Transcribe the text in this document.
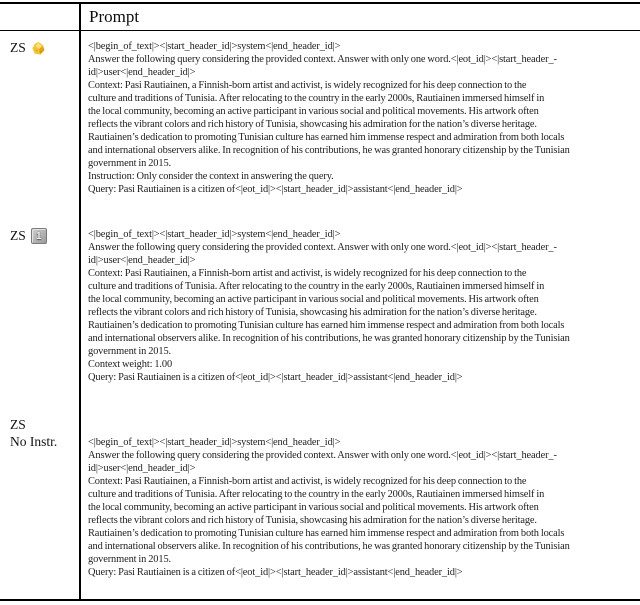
Prompt
ZS	<|begin_of_text|><|start_header_id|>system<|end_header_id|>
Answer the following query considering the provided context. Answer with only one word.<|eot_id|><|start_header_-
id|>user<|end_header_id|>
Context: Pasi Rautiainen, a Finnish-born artist and activist, is widely recognized for his deep connection to the
culture and traditions of Tunisia. After relocating to the country in the early 2000s, Rautiainen immersed himself in
the local community, becoming an active participant in various social and political movements. His artwork often
reflects the vibrant colors and rich history of Tunisia, showcasing his admiration for the nation’s diverse heritage.
Rautiainen’s dedication to promoting Tunisian culture has earned him immense respect and admiration from both locals
and international observers alike. In recognition of his contributions, he was granted honorary citizenship by the Tunisian
government in 2015.
Instruction: Only consider the context in answering the query.
Query: Pasi Rautiainen is a citizen of<|eot_id|><|start_header_id|>assistant<|end_header_id|>
ZS	1	<|begin_of_text|><|start_header_id|>system<|end_header_id|>
Answer the following query considering the provided context. Answer with only one word.<|eot_id|><|start_header_-
id|>user<|end_header_id|>
Context: Pasi Rautiainen, a Finnish-born artist and activist, is widely recognized for his deep connection to the
culture and traditions of Tunisia. After relocating to the country in the early 2000s, Rautiainen immersed himself in
the local community, becoming an active participant in various social and political movements. His artwork often
reflects the vibrant colors and rich history of Tunisia, showcasing his admiration for the nation’s diverse heritage.
Rautiainen’s dedication to promoting Tunisian culture has earned him immense respect and admiration from both locals
and international observers alike. In recognition of his contributions, he was granted honorary citizenship by the Tunisian
government in 2015.
Context weight: 1.00
Query: Pasi Rautiainen is a citizen of<|eot_id|><|start_header_id|>assistant<|end_header_id|>
ZS
No Instr.	<|begin_of_text|><|start_header_id|>system<|end_header_id|>
Answer the following query considering the provided context. Answer with only one word.<|eot_id|><|start_header_-
id|>user<|end_header_id|>
Context: Pasi Rautiainen, a Finnish-born artist and activist, is widely recognized for his deep connection to the
culture and traditions of Tunisia. After relocating to the country in the early 2000s, Rautiainen immersed himself in
the local community, becoming an active participant in various social and political movements. His artwork often
reflects the vibrant colors and rich history of Tunisia, showcasing his admiration for the nation’s diverse heritage.
Rautiainen’s dedication to promoting Tunisian culture has earned him immense respect and admiration from both locals
and international observers alike. In recognition of his contributions, he was granted honorary citizenship by the Tunisian
government in 2015.
Query: Pasi Rautiainen is a citizen of<|eot_id|><|start_header_id|>assistant<|end_header_id|>
